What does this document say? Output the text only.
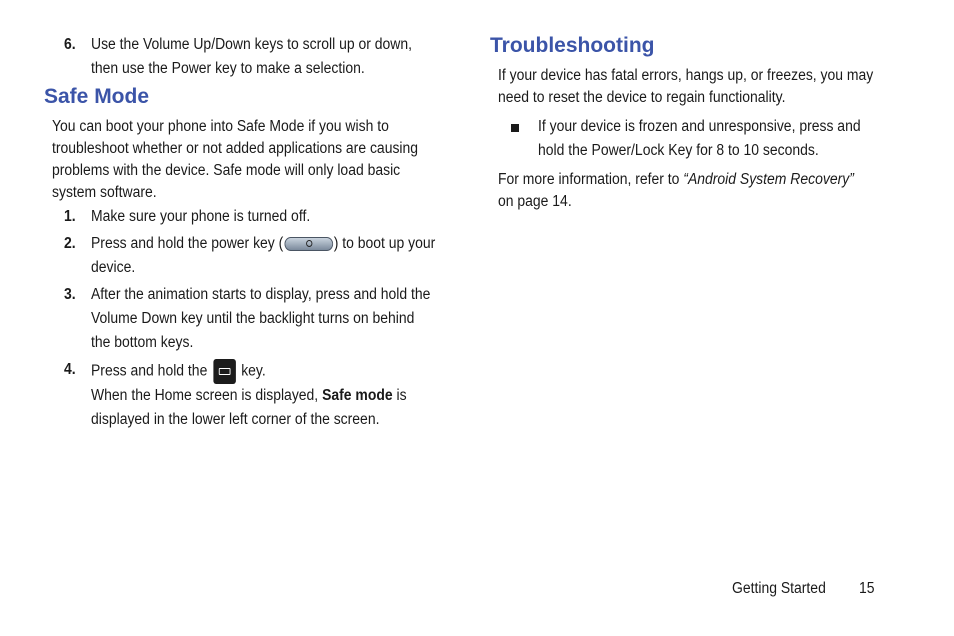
6. Use the Volume Up/Down keys to scroll up or down,

then use the Power key to make a selection.

Safe Mode

You can boot your phone into Safe Mode if you wish to

troubleshoot whether or not added applications are causing

problems with the device. Safe mode will only load basic

system software.

1. Make sure your phone is turned off.

2. Press and hold the power key (	) to boot up your

device.

3. After the animation starts to display, press and hold the

Volume Down key until the backlight turns on behind

the bottom keys.

4. Press and hold the key.

When the Home screen is displayed, Safe mode is

displayed in the lower left corner of the screen.

Troubleshooting

If your device has fatal errors, hangs up, or freezes, you may

need to reset the device to regain functionality.

If your device is frozen and unresponsive, press and

hold the Power/Lock Key for 8 to 10 seconds.

For more information, refer to “Android System Recovery”

on page 14.

Getting Started 15
